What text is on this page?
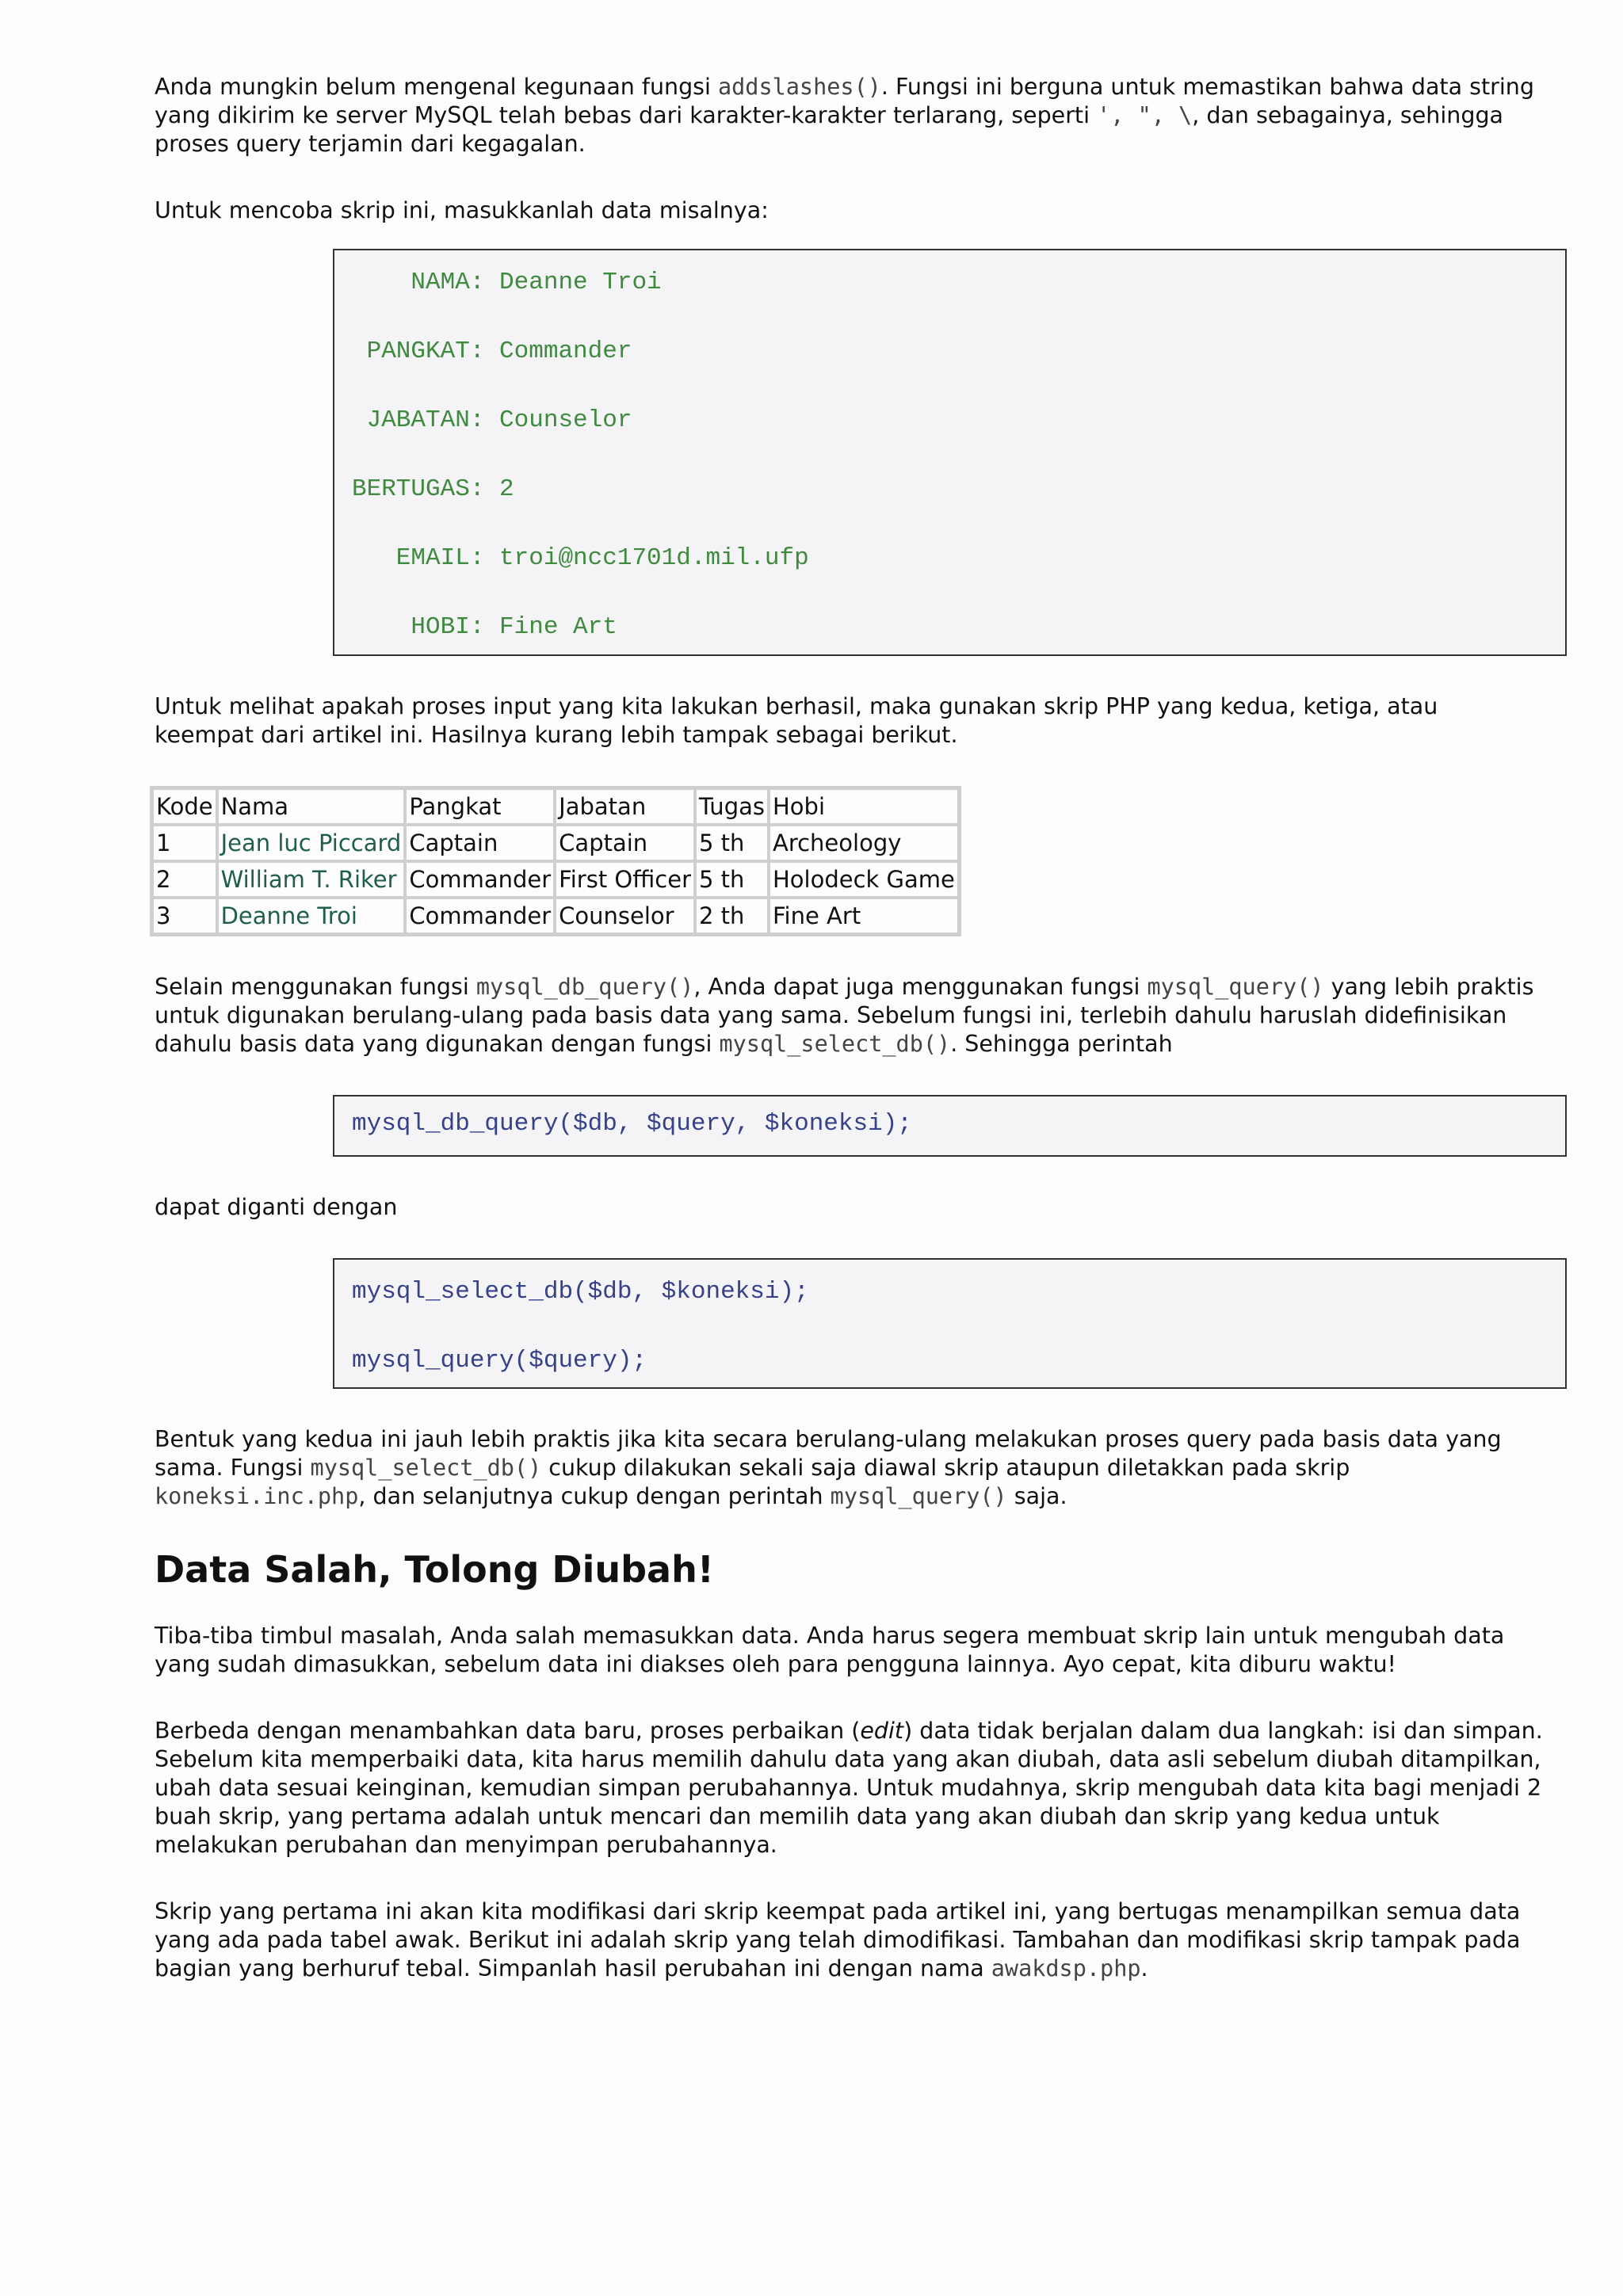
Anda mungkin belum mengenal kegunaan fungsi addslashes(). Fungsi ini berguna untuk memastikan bahwa data string yang dikirim ke server MySQL telah bebas dari karakter-karakter terlarang, seperti ', ", \, dan sebagainya, sehingga proses query terjamin dari kegagalan.

Untuk mencoba skrip ini, masukkanlah data misalnya:

NAMA: Deanne Troi
PANGKAT: Commander
JABATAN: Counselor
BERTUGAS: 2
EMAIL: troi@ncc1701d.mil.ufp
HOBI: Fine Art

Untuk melihat apakah proses input yang kita lakukan berhasil, maka gunakan skrip PHP yang kedua, ketiga, atau keempat dari artikel ini. Hasilnya kurang lebih tampak sebagai berikut.

Kode	Nama	Pangkat	Jabatan	Tugas	Hobi
1	Jean luc Piccard	Captain	Captain	5 th	Archeology
2	William T. Riker	Commander	First Officer	5 th	Holodeck Game
3	Deanne Troi	Commander	Counselor	2 th	Fine Art

Selain menggunakan fungsi mysql_db_query(), Anda dapat juga menggunakan fungsi mysql_query() yang lebih praktis untuk digunakan berulang-ulang pada basis data yang sama. Sebelum fungsi ini, terlebih dahulu haruslah didefinisikan dahulu basis data yang digunakan dengan fungsi mysql_select_db(). Sehingga perintah

mysql_db_query($db, $query, $koneksi);

dapat diganti dengan

mysql_select_db($db, $koneksi);
mysql_query($query);

Bentuk yang kedua ini jauh lebih praktis jika kita secara berulang-ulang melakukan proses query pada basis data yang sama. Fungsi mysql_select_db() cukup dilakukan sekali saja diawal skrip ataupun diletakkan pada skrip koneksi.inc.php, dan selanjutnya cukup dengan perintah mysql_query() saja.

Data Salah, Tolong Diubah!

Tiba-tiba timbul masalah, Anda salah memasukkan data. Anda harus segera membuat skrip lain untuk mengubah data yang sudah dimasukkan, sebelum data ini diakses oleh para pengguna lainnya. Ayo cepat, kita diburu waktu!

Berbeda dengan menambahkan data baru, proses perbaikan (edit) data tidak berjalan dalam dua langkah: isi dan simpan. Sebelum kita memperbaiki data, kita harus memilih dahulu data yang akan diubah, data asli sebelum diubah ditampilkan, ubah data sesuai keinginan, kemudian simpan perubahannya. Untuk mudahnya, skrip mengubah data kita bagi menjadi 2 buah skrip, yang pertama adalah untuk mencari dan memilih data yang akan diubah dan skrip yang kedua untuk melakukan perubahan dan menyimpan perubahannya.

Skrip yang pertama ini akan kita modifikasi dari skrip keempat pada artikel ini, yang bertugas menampilkan semua data yang ada pada tabel awak. Berikut ini adalah skrip yang telah dimodifikasi. Tambahan dan modifikasi skrip tampak pada bagian yang berhuruf tebal. Simpanlah hasil perubahan ini dengan nama awakdsp.php.
